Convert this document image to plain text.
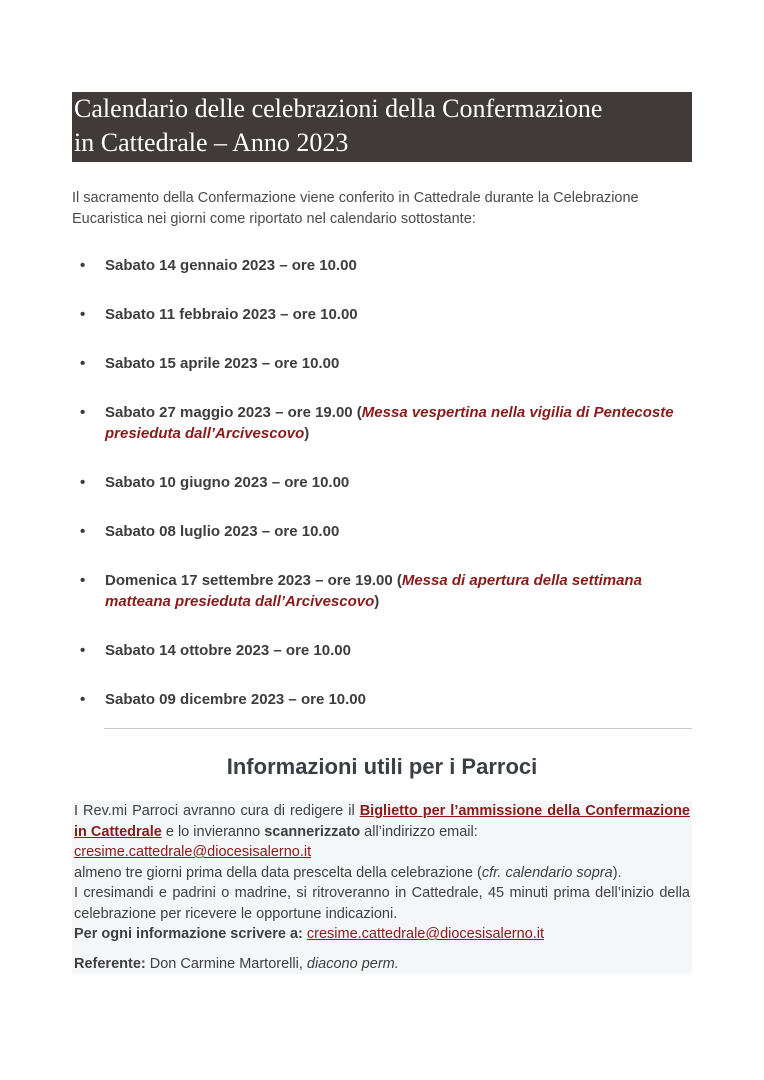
Calendario delle celebrazioni della Confermazione
in Cattedrale – Anno 2023
Il sacramento della Confermazione viene conferito in Cattedrale durante la Celebrazione Eucaristica nei giorni come riportato nel calendario sottostante:
• Sabato 14 gennaio 2023 – ore 10.00
• Sabato 11 febbraio 2023 – ore 10.00
• Sabato 15 aprile 2023 – ore 10.00
• Sabato 27 maggio 2023 – ore 19.00 (Messa vespertina nella vigilia di Pentecoste presieduta dall’Arcivescovo)
• Sabato 10 giugno 2023 – ore 10.00
• Sabato 08 luglio 2023 – ore 10.00
• Domenica 17 settembre 2023 – ore 19.00 (Messa di apertura della settimana matteana presieduta dall’Arcivescovo)
• Sabato 14 ottobre 2023 – ore 10.00
• Sabato 09 dicembre 2023 – ore 10.00
Informazioni utili per i Parroci

I Rev.mi Parroci avranno cura di redigere il Biglietto per l’ammissione della Confermazione in Cattedrale e lo invieranno scannerizzato all’indirizzo email:
cresime.cattedrale@diocesisalerno.it

almeno tre giorni prima della data prescelta della celebrazione (cfr. calendario sopra).

I cresimandi e padrini o madrine, si ritroveranno in Cattedrale, 45 minuti prima dell’inizio della celebrazione per ricevere le opportune indicazioni.

Per ogni informazione scrivere a: cresime.cattedrale@diocesisalerno.it

Referente: Don Carmine Martorelli, diacono perm.
